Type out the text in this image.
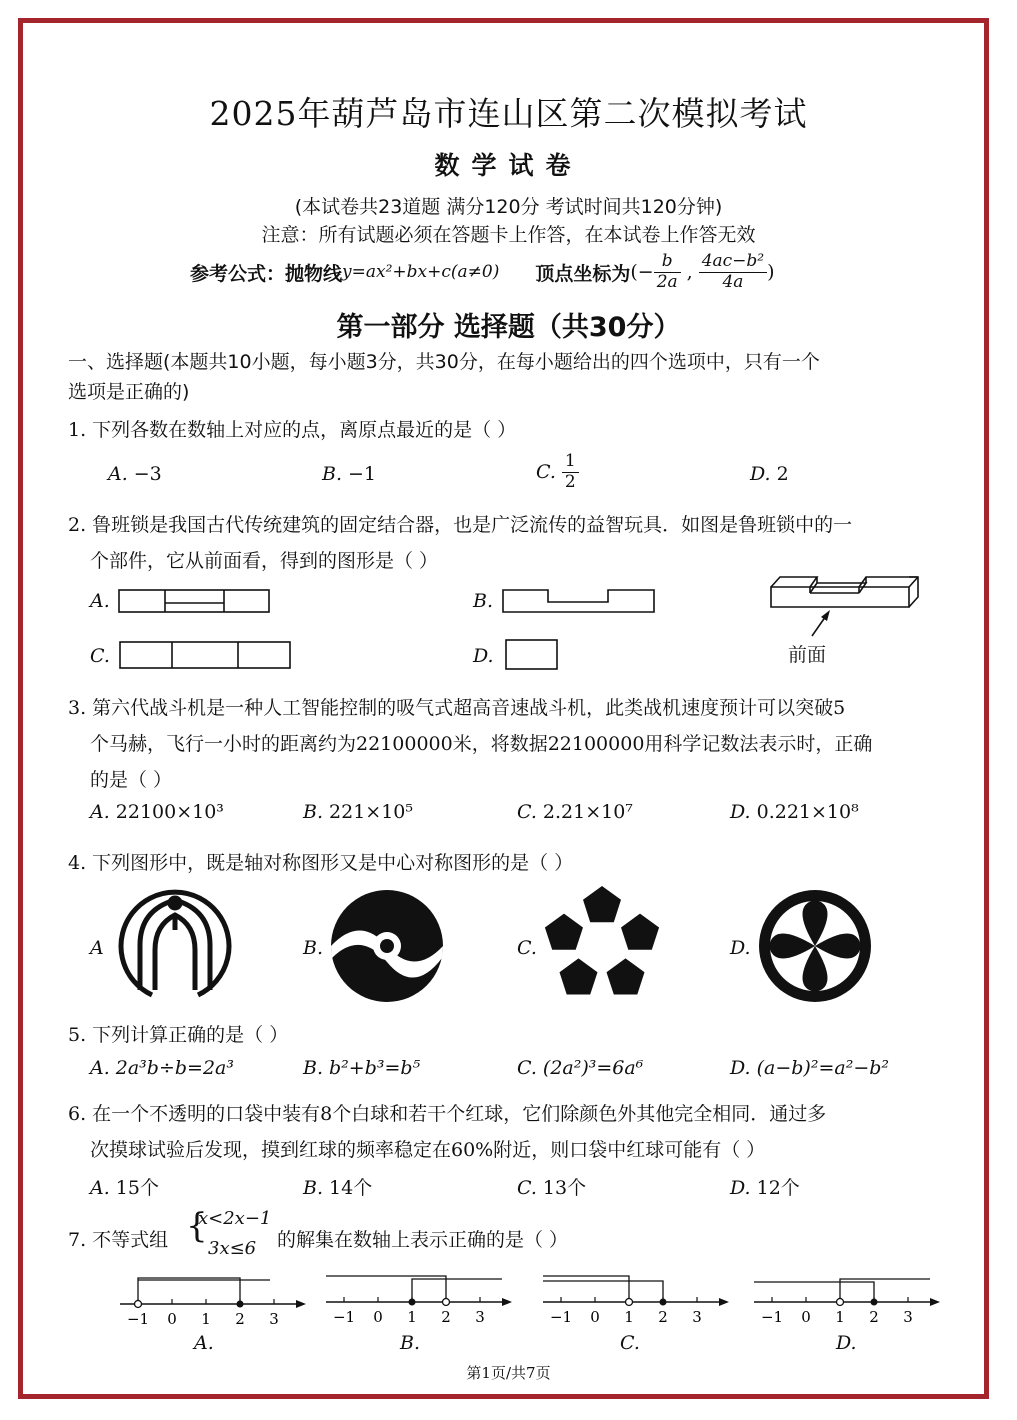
2025年葫芦岛市连山区第二次模拟考试
数学试卷
(本试卷共23道题 满分120分 考试时间共120分钟)
注意：所有试题必须在答题卡上作答，在本试卷上作答无效
参考公式：抛物线 y=ax²+bx+c(a≠0) 顶点坐标为 (− $\frac{b}{2a}$ , $\frac{\text{4ac−b²}}{4a}$ )
第一部分 选择题（共30分）
一、选择题(本题共10小题，每小题3分，共30分，在每小题给出的四个选项中，只有一个
选项是正确的)
1. 下列各数在数轴上对应的点，离原点最近的是（ ）
A. −3	B. −1	C. $\frac{1}{2}$	D. 2
2. 鲁班锁是我国古代传统建筑的固定结合器，也是广泛流传的益智玩具．如图是鲁班锁中的一
个部件，它从前面看，得到的图形是（ ）
A.	B.
C.	D.	前面
3. 第六代战斗机是一种人工智能控制的吸气式超高音速战斗机，此类战机速度预计可以突破5
个马赫，飞行一小时的距离约为22100000米，将数据22100000用科学记数法表示时，正确
的是（ ）
A. 22100×10³	B. 221×10⁵	C. 2.21×10⁷	D. 0.221×10⁸
4. 下列图形中，既是轴对称图形又是中心对称图形的是（ ）
A	B.	C.	D.
5. 下列计算正确的是（ ）
A. 2a³b÷b=2a³	B. b²+b³=b⁵	C. (2a²)³=6a⁶	D. (a−b)²=a²−b²
6. 在一个不透明的口袋中装有8个白球和若干个红球，它们除颜色外其他完全相同．通过多
次摸球试验后发现，摸到红球的频率稳定在60%附近，则口袋中红球可能有（ ）
A. 15个	B. 14个	C. 13个	D. 12个
7. 不等式组 {
x<2x−1
3x≤6 的解集在数轴上表示正确的是（ ）
−1 0 1 2 3	−1 0 1 2 3	−1 0 1 2 3	−1 0 1 2 3
A.	B.	C.	D.
第1页/共7页
